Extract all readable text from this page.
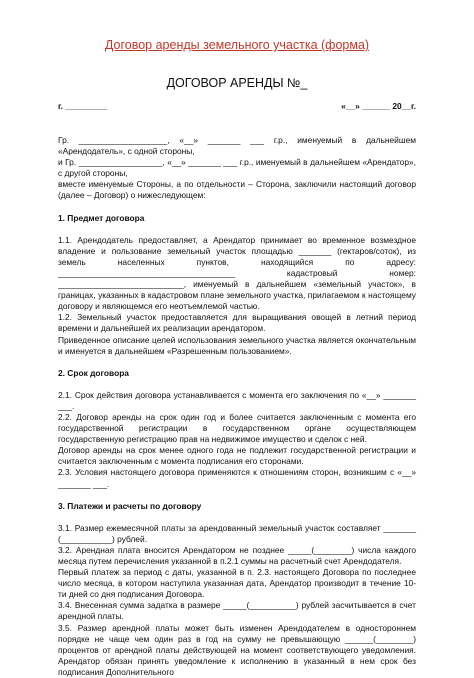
Договор аренды земельного участка (форма)
ДОГОВОР АРЕНДЫ №_
г. _________	«__» ______ 20__г.

Гр. ___________________, «__» _______ ___ г.р., именуемый в дальнейшем «Арендодатель», с одной стороны,

и Гр. __________________, «__» _______ ___ г.р., именуемый в дальнейшем «Арендатор», с другой стороны,

вместе именуемые Стороны, а по отдельности – Сторона, заключили настоящий договор (далее – Договор) о нижеследующем:

1. Предмет договора

1.1. Арендодатель предоставляет, а Арендатор принимает во временное возмездное владение и пользование земельный участок площадью _______ (гектаров/соток), из земель населенных пунктов, находящийся по адресу: ______________________________________ кадастровый номер: ___________________________, именуемый в дальнейшем «земельный участок», в границах, указанных в кадастровом плане земельного участка, прилагаемом к настоящему договору и являющемся его неотъемлемой частью.

1.2. Земельный участок предоставляется для выращивания овощей в летний период времени и дальнейшей их реализации арендатором.

Приведенное описание целей использования земельного участка является окончательным и именуется в дальнейшем «Разрешенным пользованием».

2. Срок договора

2.1. Срок действия договора устанавливается с момента его заключения по «__» _______ ___.

2.2. Договор аренды на срок один год и более считается заключенным с момента его государственной регистрации в государственном органе осуществляющем государственную регистрацию прав на недвижимое имущество и сделок с ней.

Договор аренды на срок менее одного года не подлежит государственной регистрации и считается заключенным с момента подписания его сторонами.

2.3. Условия настоящего договора применяются к отношениям сторон, возникшим с «__» _______ ___.

3. Платежи и расчеты по договору

3.1. Размер ежемесячной платы за арендованный земельный участок составляет _______ (___________) рублей.

3.2. Арендная плата вносится Арендатором не позднее _____(________) числа каждого месяца путем перечисления указанной в п.2.1 суммы на расчетный счет Арендодателя.

Первый платеж за период с даты, указанной в п. 2.3. настоящего Договора по последнее число месяца, в котором наступила указанная дата, Арендатор производит в течение 10-ти дней со дня подписания Договора.

3.4. Внесенная сумма задатка в размере _____(__________) рублей засчитывается в счет арендной платы.

3.5. Размер арендной платы может быть изменен Арендодателем в одностороннем порядке не чаще чем один раз в год на сумму не превышающую ______(________) процентов от арендной платы действующей на момент соответствующего уведомления. Арендатор обязан принять уведомление к исполнению в указанный в нем срок без подписания Дополнительного
